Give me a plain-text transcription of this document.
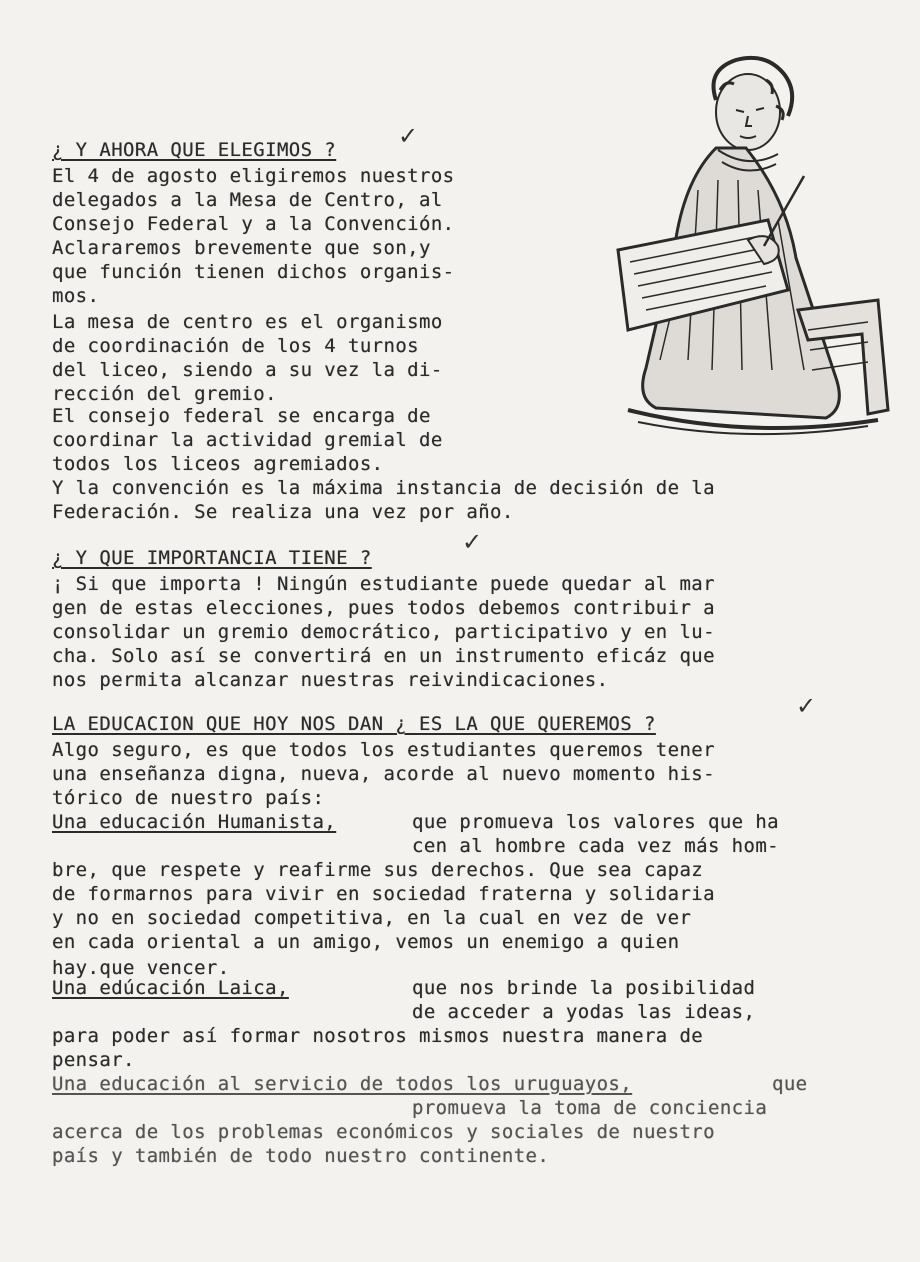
¿ Y AHORA QUE ELEGIMOS ?	✓
El 4 de agosto eligiremos nuestros
delegados a la Mesa de Centro, al
Consejo Federal y a la Convención.
Aclararemos brevemente que son,y
que función tienen dichos organis-
mos.
La mesa de centro es el organismo
de coordinación de los 4 turnos
del liceo, siendo a su vez la di-
rección del gremio.
El consejo federal se encarga de
coordinar la actividad gremial de
todos los liceos agremiados.
Y la convención es la máxima instancia de decisión de la
Federación. Se realiza una vez por año.
¿ Y QUE IMPORTANCIA TIENE ?
✓
¡ Si que importa ! Ningún estudiante puede quedar al mar
gen de estas elecciones, pues todos debemos contribuir a
consolidar un gremio democrático, participativo y en lu-
cha. Solo así se convertirá en un instrumento eficáz que
nos permita alcanzar nuestras reivindicaciones.
LA EDUCACION QUE HOY NOS DAN ¿ ES LA QUE QUEREMOS ?
✓
Algo seguro, es que todos los estudiantes queremos tener
una enseñanza digna, nueva, acorde al nuevo momento his-
tórico de nuestro país:
Una educación Humanista,	que promueva los valores que ha
cen al hombre cada vez más hom-
bre, que respete y reafirme sus derechos. Que sea capaz
de formarnos para vivir en sociedad fraterna y solidaria
y no en sociedad competitiva, en la cual en vez de ver
en cada oriental a un amigo, vemos un enemigo a quien
hay.que vencer.
Una edúcación Laica,	que nos brinde la posibilidad
de acceder a yodas las ideas,
para poder así formar nosotros mismos nuestra manera de
pensar.
Una educación al servicio de todos los uruguayos,	que
promueva la toma de conciencia
acerca de los problemas económicos y sociales de nuestro
país y también de todo nuestro continente.
